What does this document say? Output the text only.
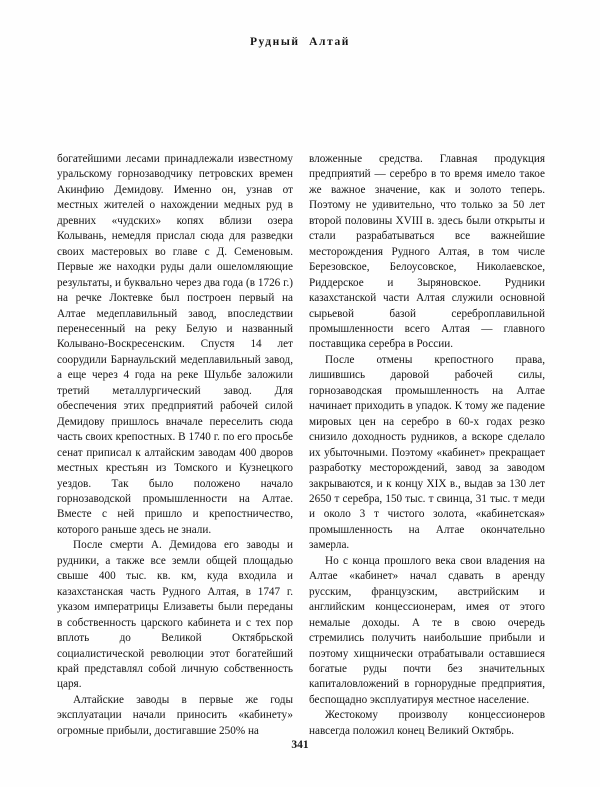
Рудный Алтай

богатейшими лесами принадлежали известному уральскому горнозаводчику петровских времен Акинфию Демидову. Именно он, узнав от местных жителей о нахождении медных руд в древних «чудских» копях вблизи озера Колывань, немедля прислал сюда для разведки своих мастеровых во главе с Д. Семеновым. Первые же находки руды дали ошеломляющие результаты, и буквально через два года (в 1726 г.) на речке Локтевке был построен первый на Алтае медеплавильный завод, впоследствии перенесенный на реку Белую и названный Колывано-Воскресенским. Спустя 14 лет соорудили Барнаульский медеплавильный завод, а еще через 4 года на реке Шульбе заложили третий металлургический завод. Для обеспечения этих предприятий рабочей силой Демидову пришлось вначале переселить сюда часть своих крепостных. В 1740 г. по его просьбе сенат приписал к алтайским заводам 400 дворов местных крестьян из Томского и Кузнецкого уездов. Так было положено начало горнозаводской промышленности на Алтае. Вместе с ней пришло и крепостничество, которого раньше здесь не знали.

После смерти А. Демидова его заводы и рудники, а также все земли общей площадью свыше 400 тыс. кв. км, куда входила и казахстанская часть Рудного Алтая, в 1747 г. указом императрицы Елизаветы были переданы в собственность царского кабинета и с тех пор вплоть до Великой Октябрьской социалистической революции этот богатейший край представлял собой личную собственность царя.

Алтайские заводы в первые же годы эксплуатации начали приносить «кабинету» огромные прибыли, достигавшие 250% на

вложенные средства. Главная продукция предприятий — серебро в то время имело такое же важное значение, как и золото теперь. Поэтому не удивительно, что только за 50 лет второй половины XVIII в. здесь были открыты и стали разрабатываться все важнейшие месторождения Рудного Алтая, в том числе Березовское, Белоусовское, Николаевское, Риддерское и Зыряновское. Рудники казахстанской части Алтая служили основной сырьевой базой сереброплавильной промышленности всего Алтая — главного поставщика серебра в России.

После отмены крепостного права, лишившись даровой рабочей силы, горнозаводская промышленность на Алтае начинает приходить в упадок. К тому же падение мировых цен на серебро в 60-х годах резко снизило доходность рудников, а вскоре сделало их убыточными. Поэтому «кабинет» прекращает разработку месторождений, завод за заводом закрываются, и к концу XIX в., выдав за 130 лет 2650 т серебра, 150 тыс. т свинца, 31 тыс. т меди и около 3 т чистого золота, «кабинетская» промышленность на Алтае окончательно замерла.

Но с конца прошлого века свои владения на Алтае «кабинет» начал сдавать в аренду русским, французским, австрийским и английским концессионерам, имея от этого немалые доходы. А те в свою очередь стремились получить наибольшие прибыли и поэтому хищнически отрабатывали оставшиеся богатые руды почти без значительных капиталовложений в горнорудные предприятия, беспощадно эксплуатируя местное население.

Жестокому произволу концессионеров навсегда положил конец Великий Октябрь.

341
